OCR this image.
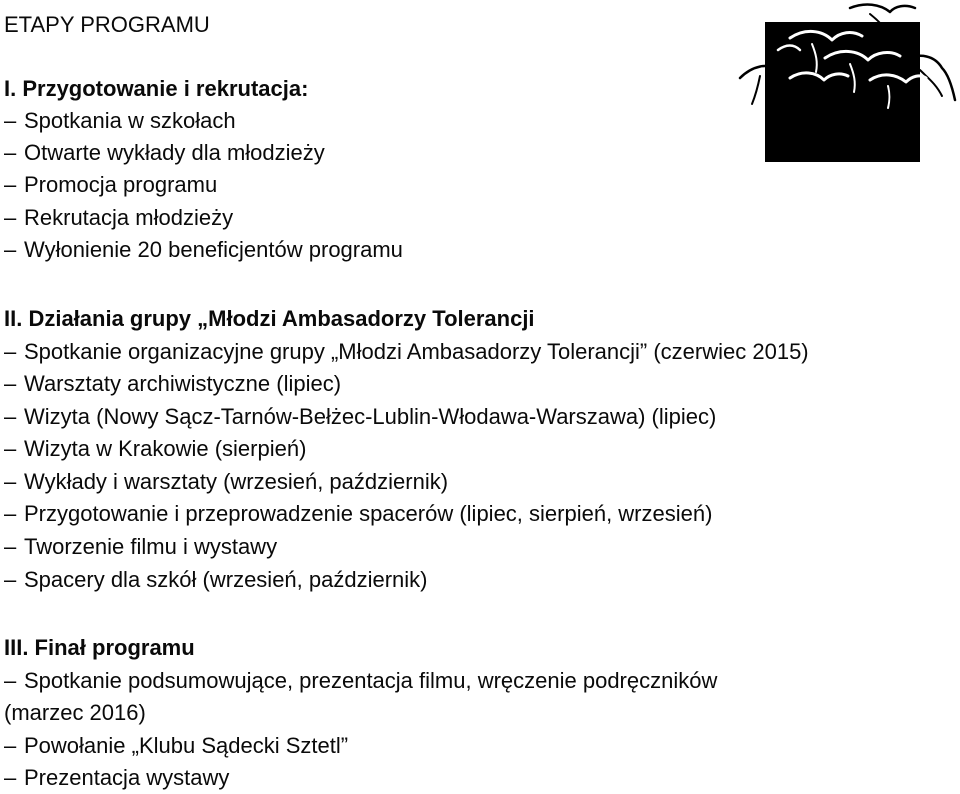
ETAPY PROGRAMU
I. Przygotowanie i rekrutacja:
– Spotkania w szkołach
– Otwarte wykłady dla młodzieży
– Promocja programu
– Rekrutacja młodzieży
– Wyłonienie 20 beneficjentów programu
II. Działania grupy „Młodzi Ambasadorzy Tolerancji
– Spotkanie organizacyjne grupy „Młodzi Ambasadorzy Tolerancji” (czerwiec 2015)
– Warsztaty archiwistyczne (lipiec)
– Wizyta (Nowy Sącz-Tarnów-Bełżec-Lublin-Włodawa-Warszawa) (lipiec)
– Wizyta w Krakowie (sierpień)
– Wykłady i warsztaty (wrzesień, październik)
– Przygotowanie i przeprowadzenie spacerów (lipiec, sierpień, wrzesień)
– Tworzenie filmu i wystawy
– Spacery dla szkół (wrzesień, październik)
III. Finał programu
– Spotkanie podsumowujące, prezentacja filmu, wręczenie podręczników
(marzec 2016)
– Powołanie „Klubu Sądecki Sztetl”
– Prezentacja wystawy
